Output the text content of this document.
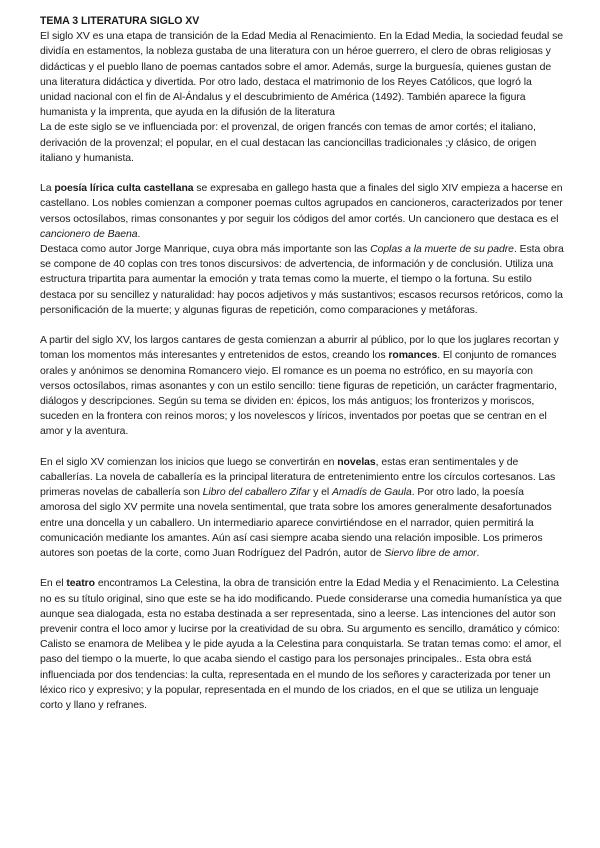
TEMA 3 LITERATURA SIGLO XV

El siglo XV es una etapa de transición de la Edad Media al Renacimiento. En la Edad Media, la sociedad feudal se dividía en estamentos, la nobleza gustaba de una literatura con un héroe guerrero, el clero de obras religiosas y didácticas y el pueblo llano de poemas cantados sobre el amor. Además, surge la burguesía, quienes gustan de una literatura didáctica y divertida. Por otro lado, destaca el matrimonio de los Reyes Católicos, que logró la unidad nacional con el fin de Al-Ándalus y el descubrimiento de América (1492). También aparece la figura humanista y la imprenta, que ayuda en la difusión de la literatura

La de este siglo se ve influenciada por: el provenzal, de origen francés con temas de amor cortés; el italiano, derivación de la provenzal; el popular, en el cual destacan las cancioncillas tradicionales ;y clásico, de origen italiano y humanista.

La poesía lírica culta castellana se expresaba en gallego hasta que a finales del siglo XIV empieza a hacerse en castellano. Los nobles comienzan a componer poemas cultos agrupados en cancioneros, caracterizados por tener versos octosílabos, rimas consonantes y por seguir los códigos del amor cortés. Un cancionero que destaca es el cancionero de Baena.

Destaca como autor Jorge Manrique, cuya obra más importante son las Coplas a la muerte de su padre. Esta obra se compone de 40 coplas con tres tonos discursivos: de advertencia, de información y de conclusión. Utiliza una estructura tripartita para aumentar la emoción y trata temas como la muerte, el tiempo o la fortuna. Su estilo destaca por su sencillez y naturalidad: hay pocos adjetivos y más sustantivos; escasos recursos retóricos, como la personificación de la muerte; y algunas figuras de repetición, como comparaciones y metáforas.

A partir del siglo XV, los largos cantares de gesta comienzan a aburrir al público, por lo que los juglares recortan y toman los momentos más interesantes y entretenidos de estos, creando los romances. El conjunto de romances orales y anónimos se denomina Romancero viejo. El romance es un poema no estrófico, en su mayoría con versos octosílabos, rimas asonantes y con un estilo sencillo: tiene figuras de repetición, un carácter fragmentario, diálogos y descripciones. Según su tema se dividen en: épicos, los más antiguos; los fronterizos y moriscos, suceden en la frontera con reinos moros; y los novelescos y líricos, inventados por poetas que se centran en el amor y la aventura.

En el siglo XV comienzan los inicios que luego se convertirán en novelas, estas eran sentimentales y de caballerías. La novela de caballería es la principal literatura de entretenimiento entre los círculos cortesanos. Las primeras novelas de caballería son Libro del caballero Zifar y el Amadís de Gaula. Por otro lado, la poesía amorosa del siglo XV permite una novela sentimental, que trata sobre los amores generalmente desafortunados entre una doncella y un caballero. Un intermediario aparece convirtiéndose en el narrador, quien permitirá la comunicación mediante los amantes. Aún así casi siempre acaba siendo una relación imposible. Los primeros autores son poetas de la corte, como Juan Rodríguez del Padrón, autor de Siervo libre de amor.

En el teatro encontramos La Celestina, la obra de transición entre la Edad Media y el Renacimiento. La Celestina no es su título original, sino que este se ha ido modificando. Puede considerarse una comedia humanística ya que aunque sea dialogada, esta no estaba destinada a ser representada, sino a leerse. Las intenciones del autor son prevenir contra el loco amor y lucirse por la creatividad de su obra. Su argumento es sencillo, dramático y cómico: Calisto se enamora de Melibea y le pide ayuda a la Celestina para conquistarla. Se tratan temas como: el amor, el paso del tiempo o la muerte, lo que acaba siendo el castigo para los personajes principales.. Esta obra está influenciada por dos tendencias: la culta, representada en el mundo de los señores y caracterizada por tener un léxico rico y expresivo; y la popular, representada en el mundo de los criados, en el que se utiliza un lenguaje corto y llano y refranes.
